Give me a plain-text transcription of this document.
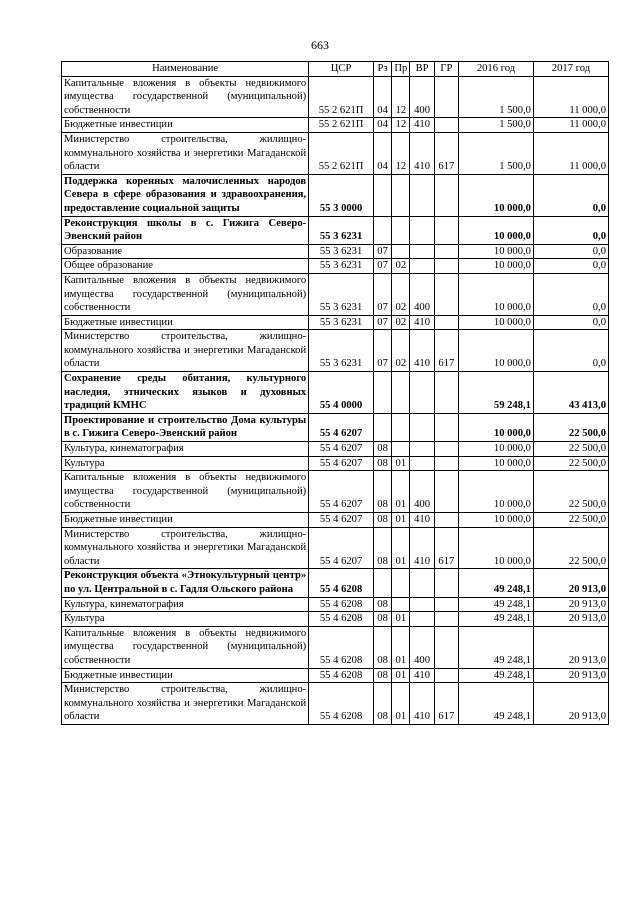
663
Наименование	ЦСР	Рз	Пр	ВР	ГР	2016 год	2017 год
Капитальные вложения в объекты недвижимого имущества государственной (муниципальной) собственности	55 2 621П	04	12	400		1 500,0	11 000,0
Бюджетные инвестиции	55 2 621П	04	12	410		1 500,0	11 000,0
Министерство строительства, жилищно-коммунального хозяйства и энергетики Магаданской области	55 2 621П	04	12	410	617	1 500,0	11 000,0
Поддержка коренных малочисленных народов Севера в сфере образования и здравоохранения, предоставление социальной защиты	55 3 0000					10 000,0	0,0
Реконструкция школы в с. Гижига Северо-Эвенский район	55 3 6231					10 000,0	0,0
Образование	55 3 6231	07				10 000,0	0,0
Общее образование	55 3 6231	07	02			10 000,0	0,0
Капитальные вложения в объекты недвижимого имущества государственной (муниципальной) собственности	55 3 6231	07	02	400		10 000,0	0,0
Бюджетные инвестиции	55 3 6231	07	02	410		10 000,0	0,0
Министерство строительства, жилищно-коммунального хозяйства и энергетики Магаданской области	55 3 6231	07	02	410	617	10 000,0	0,0
Сохранение среды обитания, культурного наследия, этнических языков и духовных традиций КМНС	55 4 0000					59 248,1	43 413,0
Проектирование и строительство Дома культуры в с. Гижига Северо-Эвенский район	55 4 6207					10 000,0	22 500,0
Культура, кинематография	55 4 6207	08				10 000,0	22 500,0
Культура	55 4 6207	08	01			10 000,0	22 500,0
Капитальные вложения в объекты недвижимого имущества государственной (муниципальной) собственности	55 4 6207	08	01	400		10 000,0	22 500,0
Бюджетные инвестиции	55 4 6207	08	01	410		10 000,0	22 500,0
Министерство строительства, жилищно-коммунального хозяйства и энергетики Магаданской области	55 4 6207	08	01	410	617	10 000,0	22 500,0
Реконструкция объекта «Этнокультурный центр» по ул. Центральной в с. Гадля Ольского района	55 4 6208					49 248,1	20 913,0
Культура, кинематография	55 4 6208	08				49 248,1	20 913,0
Культура	55 4 6208	08	01			49 248,1	20 913,0
Капитальные вложения в объекты недвижимого имущества государственной (муниципальной) собственности	55 4 6208	08	01	400		49 248,1	20 913,0
Бюджетные инвестиции	55 4 6208	08	01	410		49 248,1	20 913,0
Министерство строительства, жилищно-коммунального хозяйства и энергетики Магаданской области	55 4 6208	08	01	410	617	49 248,1	20 913,0
